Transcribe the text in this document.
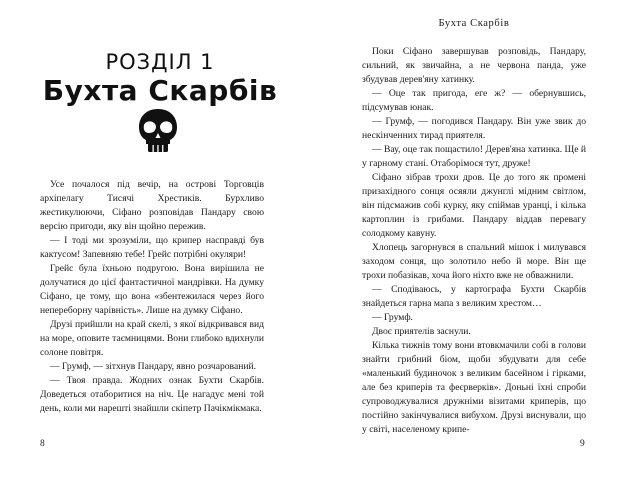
РОЗДІЛ 1
Бухта Скарбів

Усе почалося під вечір, на острові Торговців архіпелагу Тисячі Хрестиків. Бурхливо жестикулюючи, Сіфано розповідав Пандару свою версію пригоди, яку він щойно пережив.

— І тоді ми зрозуміли, що крипер насправді був кактусом! Запевняю тебе! Грейс потрібні окуляри!

Грейс була їхньою подругою. Вона вирішила не долучатися до цієї фантастичної мандрівки. На думку Сіфано, це тому, що вона «збентежилася через його непереборну чарівність». Лише на думку Сіфано.

Друзі прийшли на край скелі, з якої відкривався вид на море, оповите таємницями. Вони глибоко вдихнули солоне повітря.

— Грумф, — зітхнув Пандару, явно розчарований.

— Твоя правда. Жодних ознак Бухти Скарбів. Доведеться отаборитися на ніч. Це нагадує мені той день, коли ми нарешті знайшли скіпетр Пачікмікмака.

8
Бухта Скарбів

Поки Сіфано завершував розповідь, Пандару, сильний, як звичайна, а не червона панда, уже збудував дерев'яну хатинку.

— Оце так пригода, еге ж? — обернувшись, підсумував юнак.

— Грумф, — погодився Пандару. Він уже звик до нескінченних тирад приятеля.

— Вау, оце так пощастило! Дерев'яна хатинка. Ще й у гарному стані. Отаборімося тут, друже!

Сіфано зібрав трохи дров. Це до того як промені призахідного сонця осяяли джунглі мідним світлом, він підсмажив собі курку, яку спіймав уранці, і кілька картоплин із грибами. Пандару віддав перевагу солодкому кавуну.

Хлопець загорнувся в спальний мішок і милувався заходом сонця, що золотило небо й море. Він ще трохи побазікав, хоча його ніхто вже не обважнили.

— Сподіваюсь, у картографа Бухти Скарбів знайдеться гарна мапа з великим хрестом…

— Грумф.

Двоє приятелів заснули.

Кілька тижнів тому вони втовкмачили собі в голови знайти грибний біом, щоби збудувати для себе «маленький будиночок з великим басейном і гірками, але без криперів та феєрверків». Доньні їхні спроби супроводжувалися дружніми візитами криперів, що постійно закінчувалися вибухом. Друзі виснували, що у світі, населеному крипе-

9
